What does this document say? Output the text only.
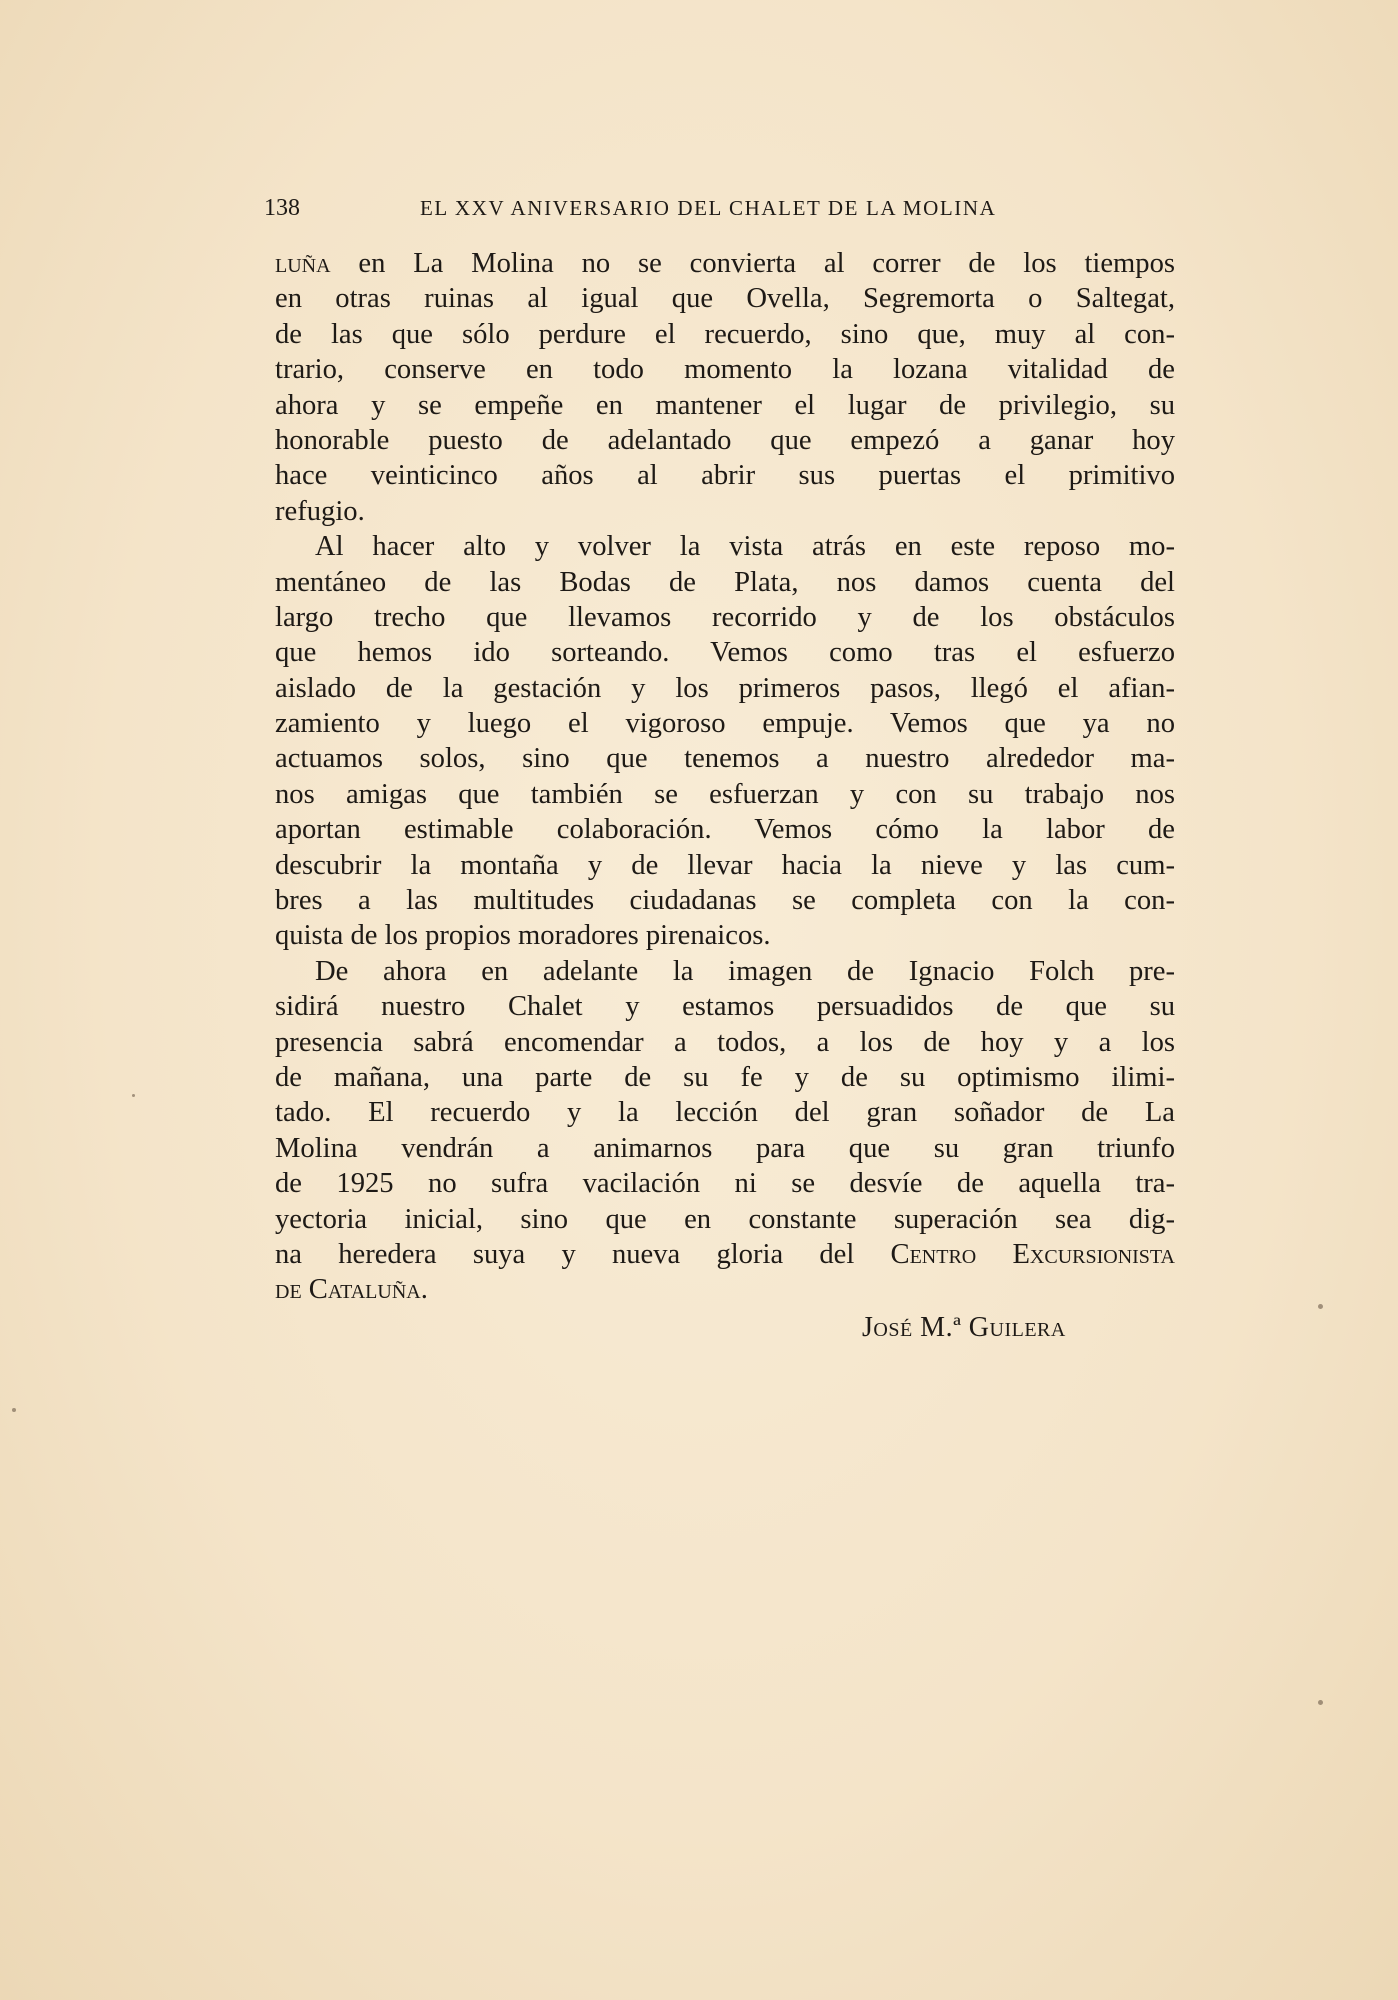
138	EL XXV ANIVERSARIO DEL CHALET DE LA MOLINA
luña en La Molina no se convierta al correr de los tiempos
en otras ruinas al igual que Ovella, Segremorta o Saltegat,
de las que sólo perdure el recuerdo, sino que, muy al con-
trario, conserve en todo momento la lozana vitalidad de
ahora y se empeñe en mantener el lugar de privilegio, su
honorable puesto de adelantado que empezó a ganar hoy
hace veinticinco años al abrir sus puertas el primitivo
refugio.
Al hacer alto y volver la vista atrás en este reposo mo-
mentáneo de las Bodas de Plata, nos damos cuenta del
largo trecho que llevamos recorrido y de los obstáculos
que hemos ido sorteando. Vemos como tras el esfuerzo
aislado de la gestación y los primeros pasos, llegó el afian-
zamiento y luego el vigoroso empuje. Vemos que ya no
actuamos solos, sino que tenemos a nuestro alrededor ma-
nos amigas que también se esfuerzan y con su trabajo nos
aportan estimable colaboración. Vemos cómo la labor de
descubrir la montaña y de llevar hacia la nieve y las cum-
bres a las multitudes ciudadanas se completa con la con-
quista de los propios moradores pirenaicos.
De ahora en adelante la imagen de Ignacio Folch pre-
sidirá nuestro Chalet y estamos persuadidos de que su
presencia sabrá encomendar a todos, a los de hoy y a los
de mañana, una parte de su fe y de su optimismo ilimi-
tado. El recuerdo y la lección del gran soñador de La
Molina vendrán a animarnos para que su gran triunfo
de 1925 no sufra vacilación ni se desvíe de aquella tra-
yectoria inicial, sino que en constante superación sea dig-
na heredera suya y nueva gloria del Centro Excursionista
de Cataluña.
José M.ª Guilera
